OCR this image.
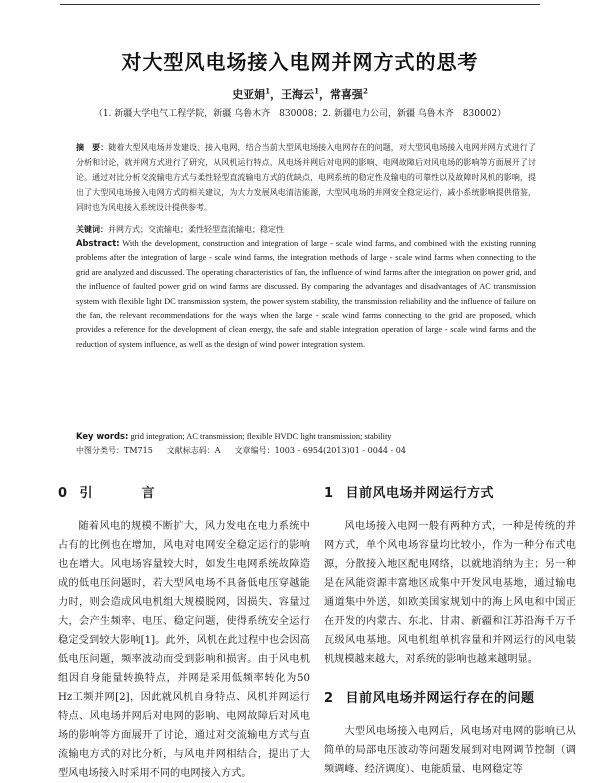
对大型风电场接入电网并网方式的思考
史亚娟$^1$，王海云$^1$，常喜强$^2$
（1. 新疆大学电气工程学院，新疆 乌鲁木齐　830008；2. 新疆电力公司，新疆 乌鲁木齐　830002）
摘　要：随着大型风电场并发建设、接入电网，结合当前大型风电场接入电网存在的问题，对大型风电场接入电网并网方式进行了分析和讨论，就并网方式进行了研究，从风机运行特点，风电场并网后对电网的影响、电网故障后对风电场的影响等方面展开了讨论。通过对比分析交流输电方式与柔性轻型直流输电方式的优缺点，电网系统的稳定性及输电的可靠性以及故障时风机的影响，提出了大型风电场接入电网方式的相关建议，为大力发展风电清洁能源，大型风电场的并网安全稳定运行，减小系统影响提供借鉴，同时也为风电接入系统设计提供参考。
关键词：并网方式；交流输电；柔性轻型直流输电；稳定性
Abstract: With the development, construction and integration of large - scale wind farms, and combined with the existing running problems after the integration of large - scale wind farms, the integration methods of large - scale wind farms when connecting to the grid are analyzed and discussed. The operating characteristics of fan, the influence of wind farms after the integration on power grid, and the influence of faulted power grid on wind farms are discussed. By comparing the advantages and disadvantages of AC transmission system with flexible light DC transmission system, the power system stability, the transmission reliability and the influence of failure on the fan, the relevant recommendations for the ways when the large - scale wind farms connecting to the grid are proposed, which provides a reference for the development of clean energy, the safe and stable integration operation of large - scale wind farms and the reduction of system influence, as well as the design of wind power integration system.
Key words: grid integration; AC transmission; flexible HVDC light transmission; stability
中图分类号：TM715 文献标志码：A 文章编号：1003 - 6954(2013)01 - 0044 - 04
0 引　言

随着风电的规模不断扩大，风力发电在电力系统中占有的比例也在增加，风电对电网安全稳定运行的影响也在增大。风电场容量较大时，如发生电网系统故障造成的低电压问题时，若大型风电场不具备低电压穿越能力时，则会造成风电机组大规模脱网，因损失、容量过大，会产生频率、电压、稳定问题，使得系统安全运行稳定受到较大影响[1]。此外，风机在此过程中也会因高低电压问题，频率波动而受到影响和损害。由于风电机组因自身能量转换特点，并网是采用低频率转化为50 Hz工频并网[2]，因此就风机自身特点、风机并网运行特点、风电场并网后对电网的影响、电网故障后对风电场的影响等方面展开了讨论，通过对交流输电方式与直流输电方式的对比分析，与风电并网相结合，提出了大型风电场接入时采用不同的电网接入方式。

1 目前风电场并网运行方式

风电场接入电网一般有两种方式，一种是传统的并网方式，单个风电场容量均比较小，作为一种分布式电源，分散接入地区配电网络，以就地消纳为主；另一种是在风能资源丰富地区成集中开发风电基地，通过输电通道集中外送，如欧美国家规划中的海上风电和中国正在开发的内蒙古、东北、甘肃、新疆和江苏沿海千万千瓦级风电基地。风电机组单机容量和并网运行的风电装机规模越来越大，对系统的影响也越来越明显。

2 目前风电场并网运行存在的问题

大型风电场接入电网后，风电场对电网的影响已从简单的局部电压波动等问题发展到对电网调节控制（调频调峰、经济调度）、电能质量、电网稳定等
